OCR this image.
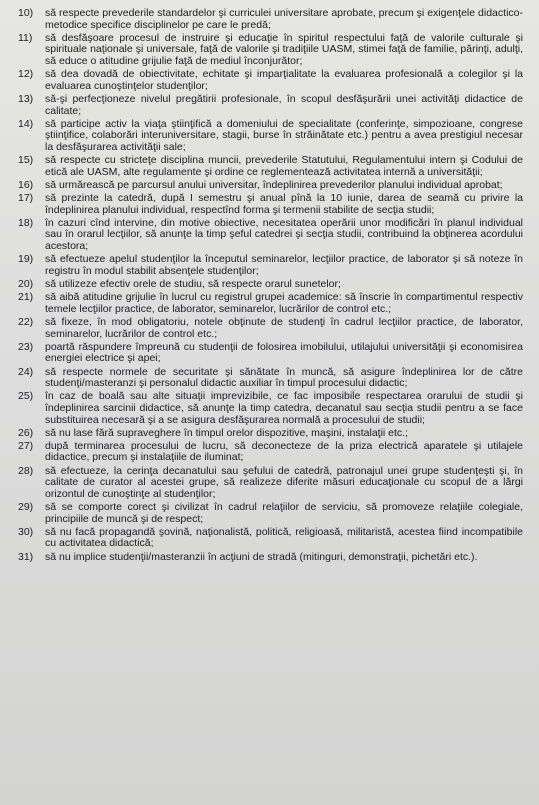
10)	să respecte prevederile standardelor şi curriculei universitare aprobate, precum şi exigenţele didactico-metodice specifice disciplinelor pe care le predă;
11)	să desfăşoare procesul de instruire şi educaţie în spiritul respectului faţă de valorile culturale şi spirituale naţionale şi universale, faţă de valorile şi tradiţiile UASM, stimei faţă de familie, părinţi, adulţi, să educe o atitudine grijulie faţă de mediul înconjurător;
12)	să dea dovadă de obiectivitate, echitate şi imparţialitate la evaluarea profesională a colegilor şi la evaluarea cunoştinţelor studenţilor;
13)	să-şi perfecţioneze nivelul pregătirii profesionale, în scopul desfăşurării unei activităţi didactice de calitate;
14)	să participe activ la viaţa ştiinţifică a domeniului de specialitate (conferinţe, simpozioane, congrese ştiinţifice, colaborări interuniversitare, stagii, burse în străinătate etc.) pentru a avea prestigiul necesar la desfăşurarea activităţii sale;
15)	să respecte cu stricteţe disciplina muncii, prevederile Statutului, Regulamentului intern şi Codului de etică ale UASM, alte regulamente şi ordine ce reglementează activitatea internă a universităţii;
16)	să urmărească pe parcursul anului universitar, îndeplinirea prevederilor planului individual aprobat;
17)	să prezinte la catedră, după I semestru şi anual pînă la 10 iunie, darea de seamă cu privire la îndeplinirea planului individual, respectînd forma şi termenii stabilite de secţia studii;
18)	în cazuri cînd intervine, din motive obiective, necesitatea operării unor modificări în planul individual sau în orarul lecţiilor, să anunţe la timp şeful catedrei şi secţia studii, contribuind la obţinerea acordului acestora;
19)	să efectueze apelul studenţilor la începutul seminarelor, lecţiilor practice, de laborator şi să noteze în registru în modul stabilit absenţele studenţilor;
20)	să utilizeze efectiv orele de studiu, să respecte orarul sunetelor;
21)	să aibă atitudine grijulie în lucrul cu registrul grupei academice: să înscrie în compartimentul respectiv temele lecţiilor practice, de laborator, seminarelor, lucrărilor de control etc.;
22)	să fixeze, în mod obligatoriu, notele obţinute de studenţi în cadrul lecţiilor practice, de laborator, seminarelor, lucrărilor de control etc.;
23)	poartă răspundere împreună cu studenţii de folosirea imobilului, utilajului universităţii şi economisirea energiei electrice şi apei;
24)	să respecte normele de securitate şi sănătate în muncă, să asigure îndeplinirea lor de către studenţi/masteranzi şi personalul didactic auxiliar în timpul procesului didactic;
25)	în caz de boală sau alte situaţii imprevizibile, ce fac imposibile respectarea orarului de studii şi îndeplinirea sarcinii didactice, să anunţe la timp catedra, decanatul sau secţia studii pentru a se face substituirea necesară şi a se asigura desfăşurarea normală a procesului de studii;
26)	să nu lase fără supraveghere în timpul orelor dispozitive, maşini, instalaţii etc.;
27)	după terminarea procesului de lucru, să deconecteze de la priza electrică aparatele şi utilajele didactice, precum şi instalaţiile de iluminat;
28)	să efectueze, la cerinţa decanatului sau şefului de catedră, patronajul unei grupe studenţeşti şi, în calitate de curator al acestei grupe, să realizeze diferite măsuri educaţionale cu scopul de a lărgi orizontul de cunoştinţe al studenţilor;
29)	să se comporte corect şi civilizat în cadrul relaţiilor de serviciu, să promoveze relaţiile colegiale, principiile de muncă şi de respect;
30)	să nu facă propagandă şovină, naţionalistă, politică, religioasă, militaristă, acestea fiind incompatibile cu activitatea didactică;
31)	să nu implice studenţii/masteranzii în acţiuni de stradă (mitinguri, demonstraţii, pichetări etc.).
